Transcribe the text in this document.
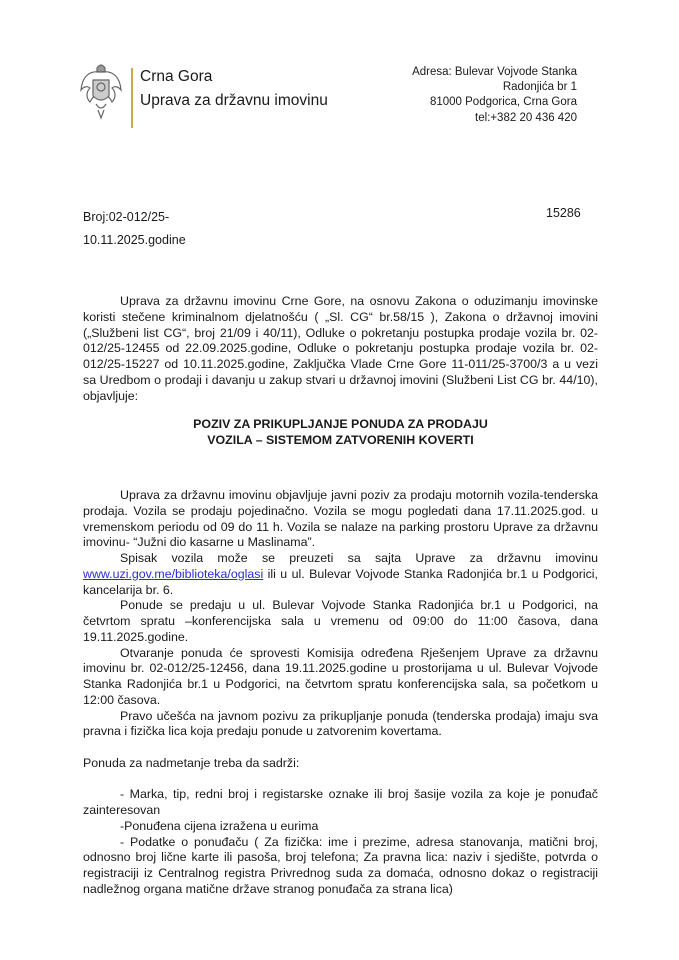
Crna Gora
Uprava za državnu imovinu
Adresa: Bulevar Vojvode Stanka
Radonjića br 1
81000 Podgorica, Crna Gora
tel:+382 20 436 420
Broj:02-012/25-
10.11.2025.godine
15286

Uprava za državnu imovinu Crne Gore, na osnovu Zakona o oduzimanju imovinske koristi stečene kriminalnom djelatnošću ( „Sl. CG“ br.58/15 ), Zakona o državnoj imovini („Službeni list CG“, broj 21/09 i 40/11), Odluke o pokretanju postupka prodaje vozila br. 02-012/25-12455 od 22.09.2025.godine, Odluke o pokretanju postupka prodaje vozila br. 02-012/25-15227 od 10.11.2025.godine, Zaključka Vlade Crne Gore 11-011/25-3700/3 a u vezi sa Uredbom o prodaji i davanju u zakup stvari u državnoj imovini (Službeni List CG br. 44/10), objavljuje:

POZIV ZA PRIKUPLJANJE PONUDA ZA PRODAJU
VOZILA – SISTEMOM ZATVORENIH KOVERTI

Uprava za državnu imovinu objavljuje javni poziv za prodaju motornih vozila-tenderska prodaja. Vozila se prodaju pojedinačno. Vozila se mogu pogledati dana 17.11.2025.god. u vremenskom periodu od 09 do 11 h. Vozila se nalaze na parking prostoru Uprave za državnu imovinu- “Južni dio kasarne u Maslinama”.

Spisak vozila može se preuzeti sa sajta Uprave za državnu imovinu www.uzi.gov.me/biblioteka/oglasi ili u ul. Bulevar Vojvode Stanka Radonjića br.1 u Podgorici, kancelarija br. 6.

Ponude se predaju u ul. Bulevar Vojvode Stanka Radonjića br.1 u Podgorici, na četvrtom spratu –konferencijska sala u vremenu od 09:00 do 11:00 časova, dana 19.11.2025.godine.

Otvaranje ponuda će sprovesti Komisija određena Rješenjem Uprave za državnu imovinu br. 02-012/25-12456, dana 19.11.2025.godine u prostorijama u ul. Bulevar Vojvode Stanka Radonjića br.1 u Podgorici, na četvrtom spratu konferencijska sala, sa početkom u 12:00 časova.

Pravo učešća na javnom pozivu za prikupljanje ponuda (tenderska prodaja) imaju sva pravna i fizička lica koja predaju ponude u zatvorenim kovertama.

Ponuda za nadmetanje treba da sadrži:

- Marka, tip, redni broj i registarske oznake ili broj šasije vozila za koje je ponuđač zainteresovan

-Ponuđena cijena izražena u eurima

- Podatke o ponuđaču ( Za fizička: ime i prezime, adresa stanovanja, matični broj, odnosno broj lične karte ili pasoša, broj telefona; Za pravna lica: naziv i sjedište, potvrda o registraciji iz Centralnog registra Privrednog suda za domaća, odnosno dokaz o registraciji nadležnog organa matične države stranog ponuđača za strana lica)
